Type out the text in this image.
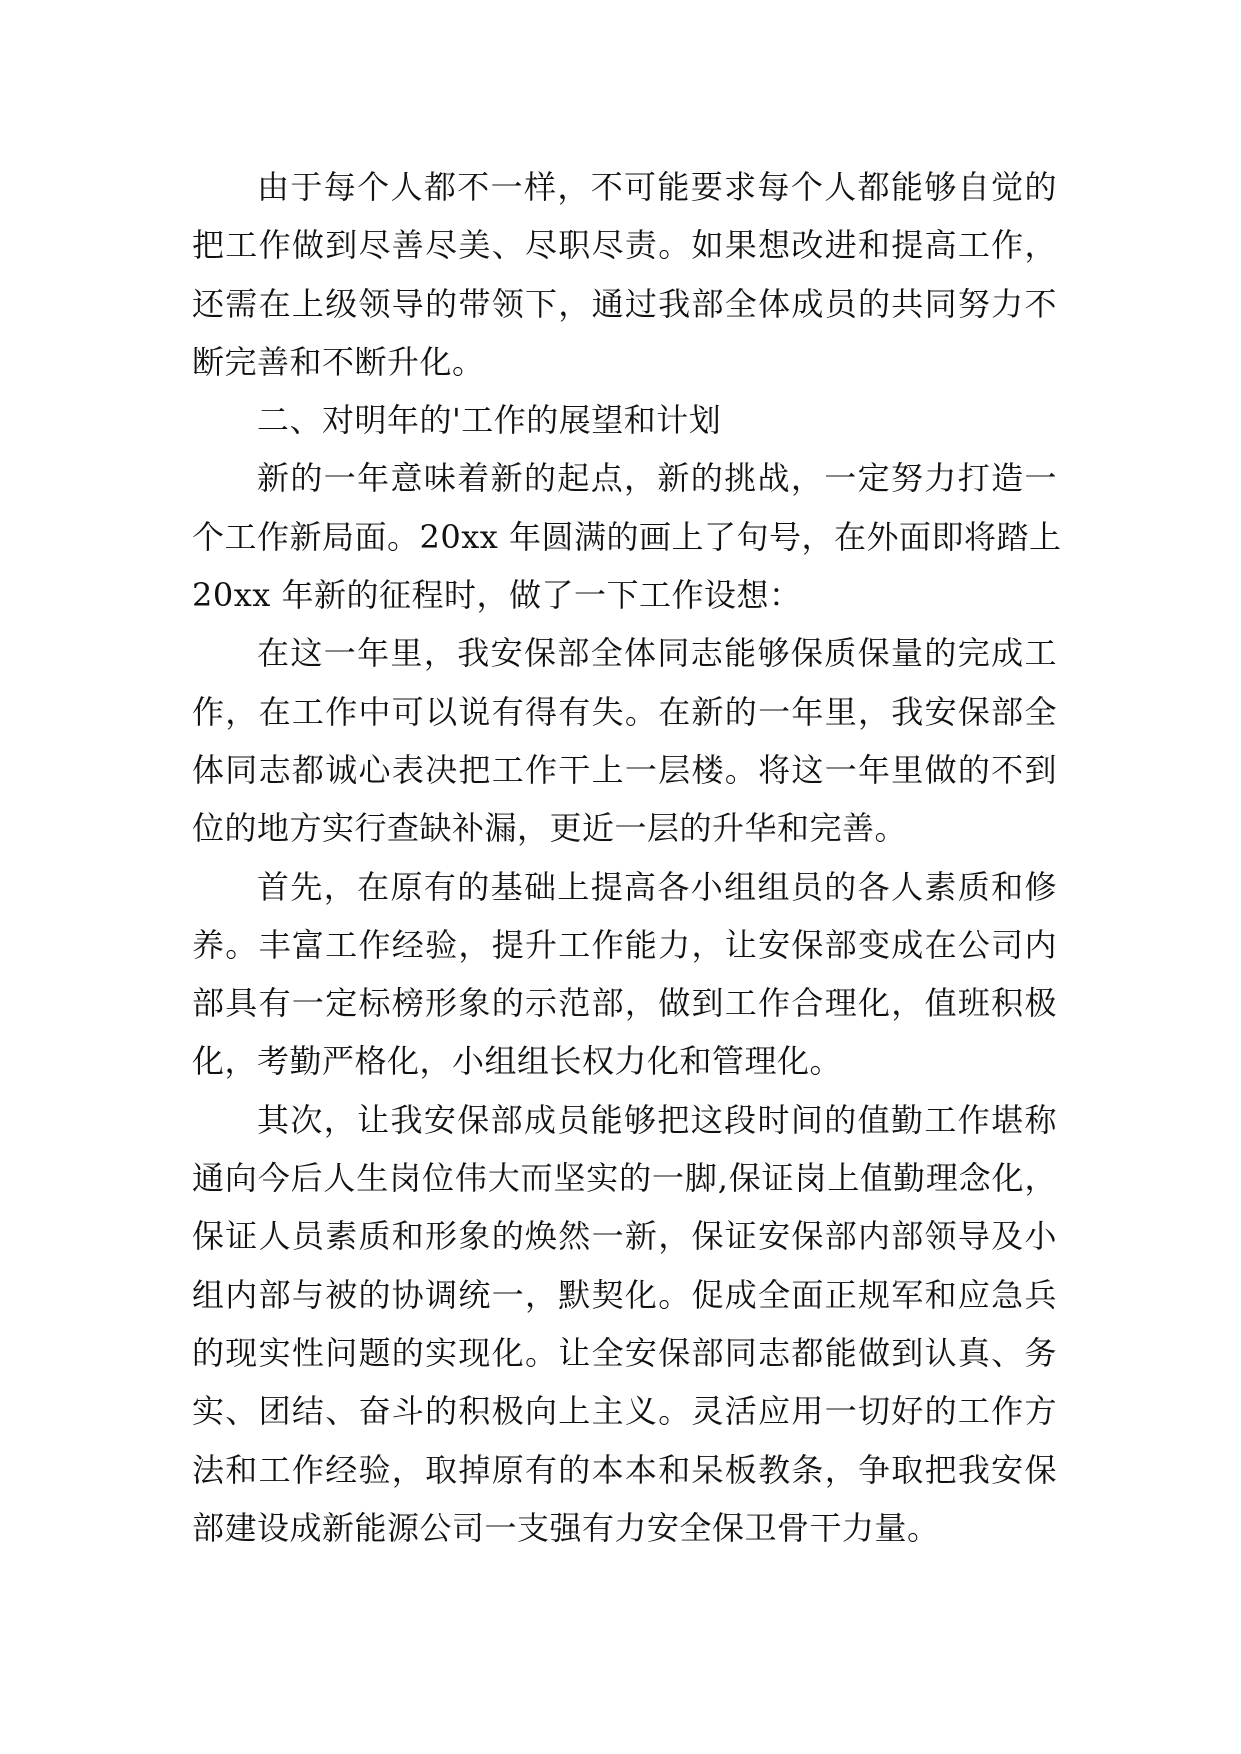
由于每个人都不一样，不可能要求每个人都能够自觉的
把工作做到尽善尽美、尽职尽责。如果想改进和提高工作，
还需在上级领导的带领下，通过我部全体成员的共同努力不
断完善和不断升化。
二、对明年的'工作的展望和计划
新的一年意味着新的起点，新的挑战，一定努力打造一
个工作新局面。20xx 年圆满的画上了句号，在外面即将踏上
20xx 年新的征程时，做了一下工作设想：
在这一年里，我安保部全体同志能够保质保量的完成工
作，在工作中可以说有得有失。在新的一年里，我安保部全
体同志都诚心表决把工作干上一层楼。将这一年里做的不到
位的地方实行查缺补漏，更近一层的升华和完善。
首先，在原有的基础上提高各小组组员的各人素质和修
养。丰富工作经验，提升工作能力，让安保部变成在公司内
部具有一定标榜形象的示范部，做到工作合理化，值班积极
化，考勤严格化，小组组长权力化和管理化。
其次，让我安保部成员能够把这段时间的值勤工作堪称
通向今后人生岗位伟大而坚实的一脚,保证岗上值勤理念化，
保证人员素质和形象的焕然一新，保证安保部内部领导及小
组内部与被的协调统一，默契化。促成全面正规军和应急兵
的现实性问题的实现化。让全安保部同志都能做到认真、务
实、团结、奋斗的积极向上主义。灵活应用一切好的工作方
法和工作经验，取掉原有的本本和呆板教条，争取把我安保
部建设成新能源公司一支强有力安全保卫骨干力量。
